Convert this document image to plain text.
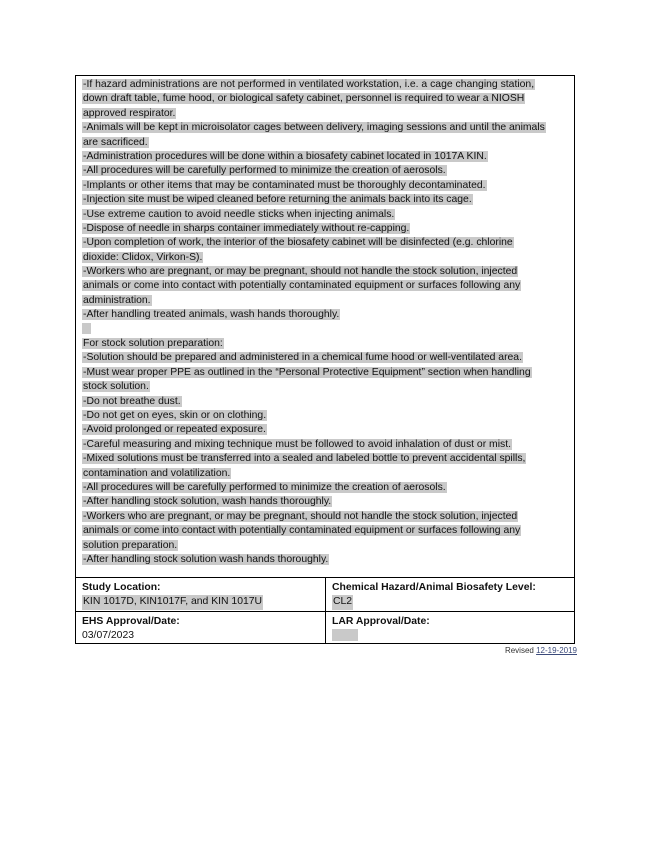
-If hazard administrations are not performed in ventilated workstation, i.e. a cage changing station,
down draft table, fume hood, or biological safety cabinet, personnel is required to wear a NIOSH
approved respirator.
-Animals will be kept in microisolator cages between delivery, imaging sessions and until the animals
are sacrificed.
-Administration procedures will be done within a biosafety cabinet located in 1017A KIN.
-All procedures will be carefully performed to minimize the creation of aerosols.
-Implants or other items that may be contaminated must be thoroughly decontaminated.
-Injection site must be wiped cleaned before returning the animals back into its cage.
-Use extreme caution to avoid needle sticks when injecting animals.
-Dispose of needle in sharps container immediately without re-capping.
-Upon completion of work, the interior of the biosafety cabinet will be disinfected (e.g. chlorine
dioxide: Clidox, Virkon-S).
-Workers who are pregnant, or may be pregnant, should not handle the stock solution, injected
animals or come into contact with potentially contaminated equipment or surfaces following any
administration.
-After handling treated animals, wash hands thoroughly.
For stock solution preparation:
-Solution should be prepared and administered in a chemical fume hood or well-ventilated area.
-Must wear proper PPE as outlined in the “Personal Protective Equipment” section when handling
stock solution.
-Do not breathe dust.
-Do not get on eyes, skin or on clothing.
-Avoid prolonged or repeated exposure.
-Careful measuring and mixing technique must be followed to avoid inhalation of dust or mist.
-Mixed solutions must be transferred into a sealed and labeled bottle to prevent accidental spills,
contamination and volatilization.
-All procedures will be carefully performed to minimize the creation of aerosols.
-After handling stock solution, wash hands thoroughly.
-Workers who are pregnant, or may be pregnant, should not handle the stock solution, injected
animals or come into contact with potentially contaminated equipment or surfaces following any
solution preparation.
-After handling stock solution wash hands thoroughly.
Study Location:
KIN 1017D, KIN1017F, and KIN 1017U
Chemical Hazard/Animal Biosafety Level:
CL2
EHS Approval/Date:
03/07/2023
LAR Approval/Date:
Revised 12-19-2019
